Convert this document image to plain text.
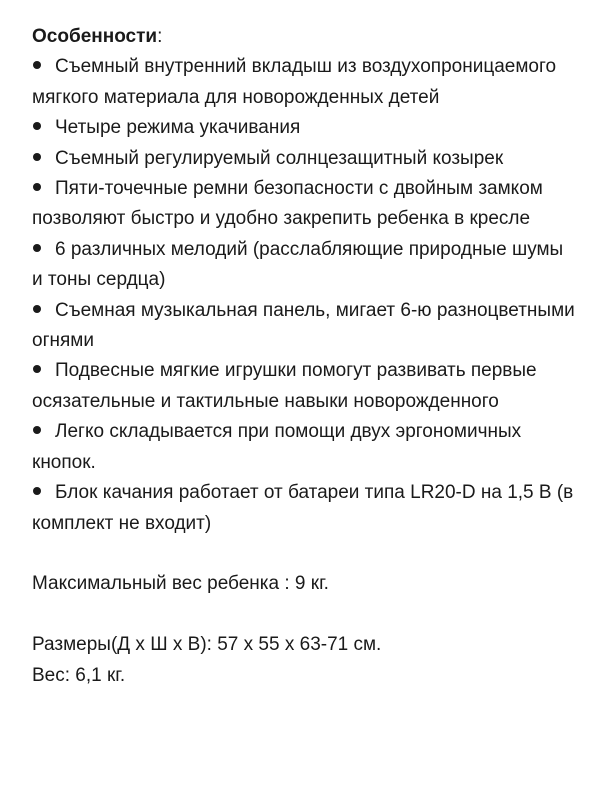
Особенности:

Съемный внутренний вкладыш из воздухопроницаемого мягкого материала для новорожденных детей
Четыре режима укачивания
Съемный регулируемый солнцезащитный козырек
Пяти-точечные ремни безопасности с двойным замком позволяют быстро и удобно закрепить ребенка в кресле
6 различных мелодий (расслабляющие природные шумы и тоны сердца)
Съемная музыкальная панель, мигает 6-ю разноцветными огнями
Подвесные мягкие игрушки помогут развивать первые осязательные и тактильные навыки новорожденного
Легко складывается при помощи двух эргономичных кнопок.
Блок качания работает от батареи типа LR20-D на 1,5 В (в комплект не входит)

Максимальный вес ребенка : 9 кг.

Размеры(Д х Ш х В): 57 х 55 х 63-71 см.

Вес: 6,1 кг.
